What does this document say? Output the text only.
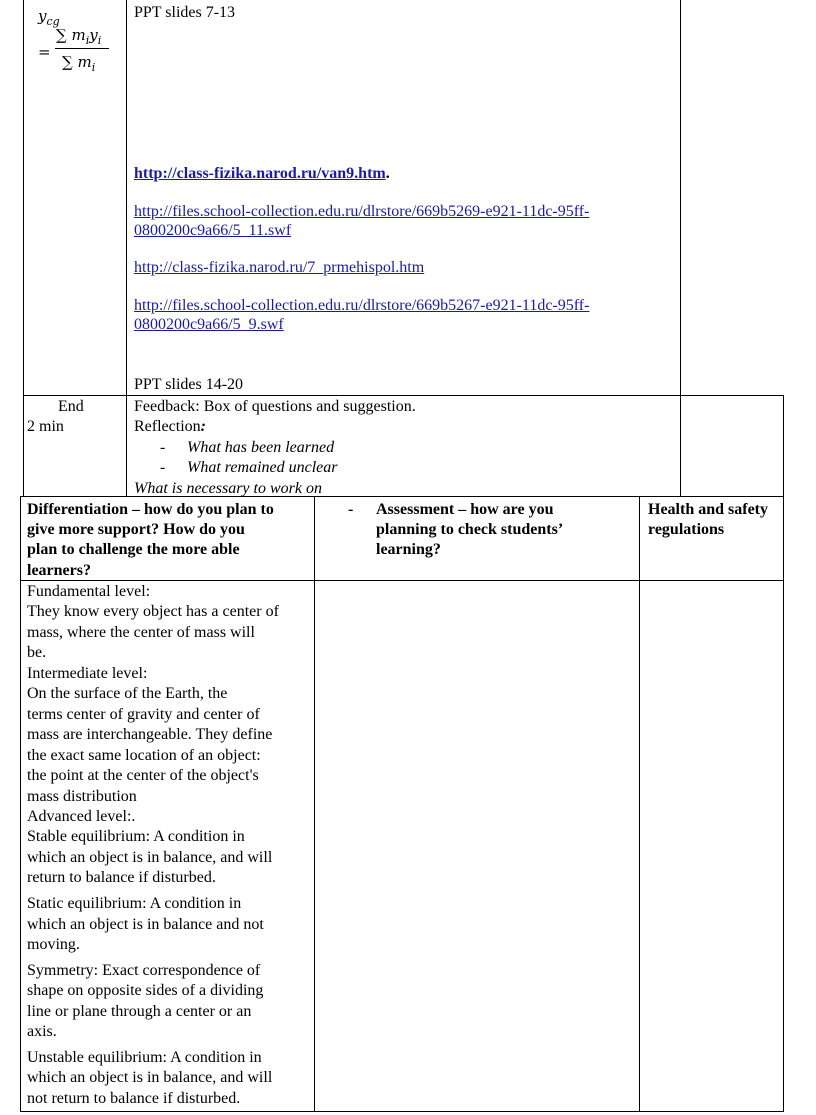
$y_{cg}$
=
∑ $m_iy_i$
∑ $m_i$
PPT slides 7-13
http://class-fizika.narod.ru/van9.htm.
http://files.school-collection.edu.ru/dlrstore/669b5269-e921-11dc-95ff-
0800200c9a66/5_11.swf
http://class-fizika.narod.ru/7_prmehispol.htm
http://files.school-collection.edu.ru/dlrstore/669b5267-e921-11dc-95ff-
0800200c9a66/5_9.swf
PPT slides 14-20
End
2 min
Feedback: Box of questions and suggestion.
Reflection:
- What has been learned
- What remained unclear
What is necessary to work on
Differentiation – how do you plan to
give more support? How do you
plan to challenge the more able
learners?
- Assessment – how are you
planning to check students’
learning?
Health and safety
regulations
Fundamental level:
They know every object has a center of
mass, where the center of mass will
be.
Intermediate level:
On the surface of the Earth, the
terms center of gravity and center of
mass are interchangeable. They define
the exact same location of an object:
the point at the center of the object's
mass distribution
Advanced level:.
Stable equilibrium: A condition in
which an object is in balance, and will
return to balance if disturbed.
Static equilibrium: A condition in
which an object is in balance and not
moving.
Symmetry: Exact correspondence of
shape on opposite sides of a dividing
line or plane through a center or an
axis.
Unstable equilibrium: A condition in
which an object is in balance, and will
not return to balance if disturbed.
